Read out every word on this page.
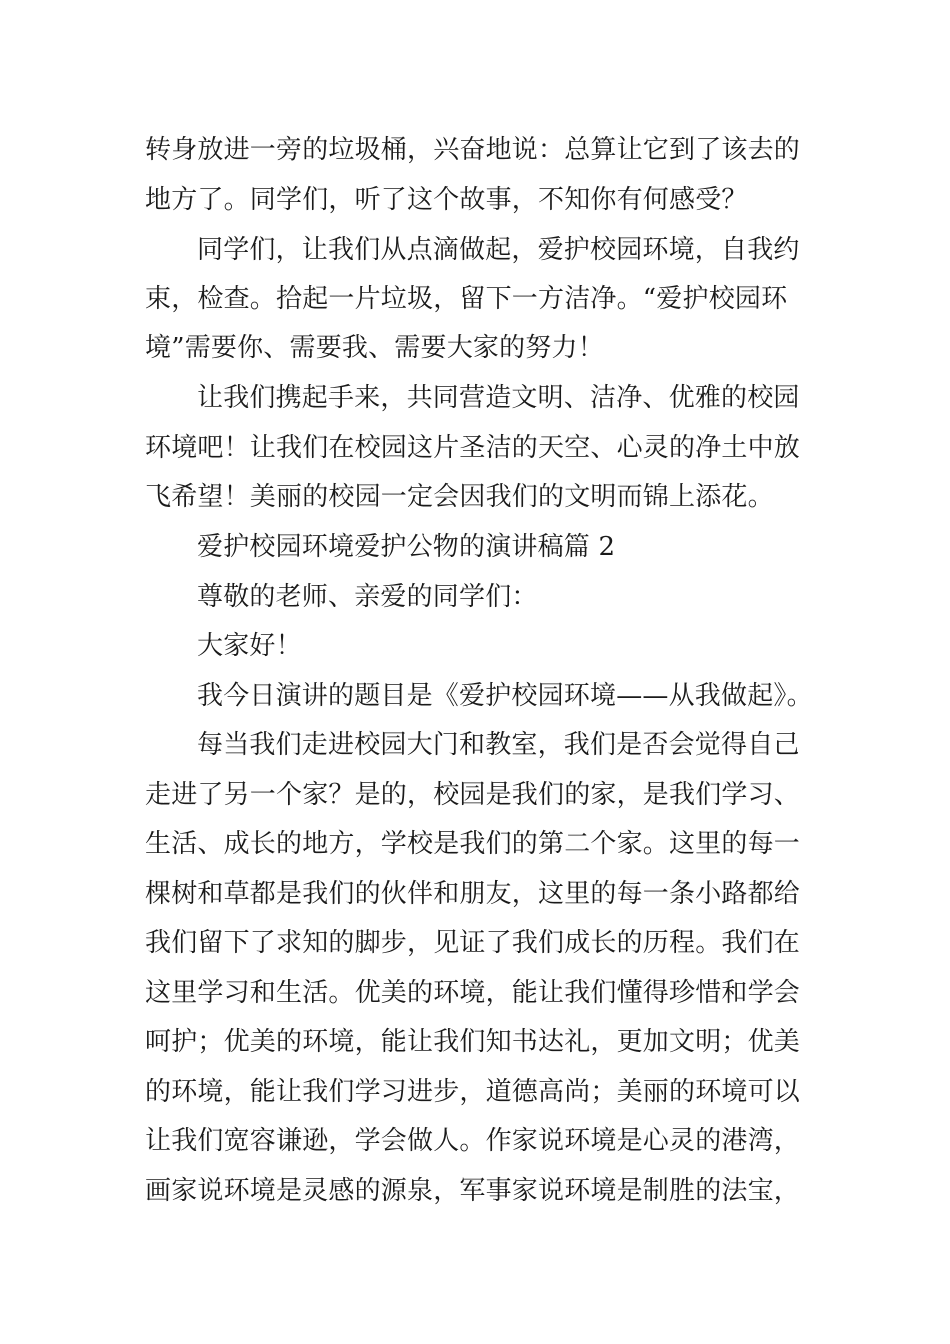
转身放进一旁的垃圾桶，兴奋地说：总算让它到了该去的
地方了。同学们，听了这个故事，不知你有何感受？
同学们，让我们从点滴做起，爱护校园环境，自我约
束，检查。拾起一片垃圾，留下一方洁净。“爱护校园环
境”需要你、需要我、需要大家的努力！
让我们携起手来，共同营造文明、洁净、优雅的校园
环境吧！让我们在校园这片圣洁的天空、心灵的净土中放
飞希望！美丽的校园一定会因我们的文明而锦上添花。
爱护校园环境爱护公物的演讲稿篇 2
尊敬的老师、亲爱的同学们：
大家好！
我今日演讲的题目是《爱护校园环境——从我做起》。
每当我们走进校园大门和教室，我们是否会觉得自己
走进了另一个家？是的，校园是我们的家，是我们学习、
生活、成长的地方，学校是我们的第二个家。这里的每一
棵树和草都是我们的伙伴和朋友，这里的每一条小路都给
我们留下了求知的脚步，见证了我们成长的历程。我们在
这里学习和生活。优美的环境，能让我们懂得珍惜和学会
呵护；优美的环境，能让我们知书达礼，更加文明；优美
的环境，能让我们学习进步，道德高尚；美丽的环境可以
让我们宽容谦逊，学会做人。作家说环境是心灵的港湾，
画家说环境是灵感的源泉，军事家说环境是制胜的法宝，
